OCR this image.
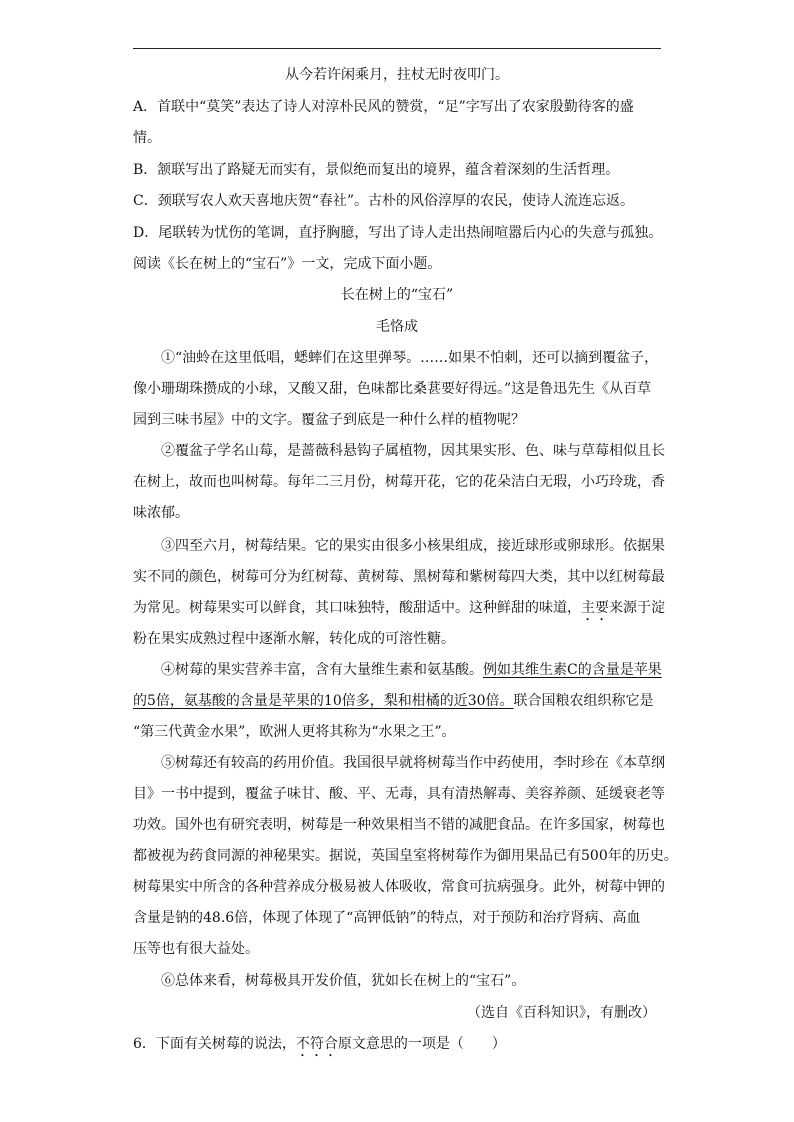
从今若许闲乘月，拄杖无时夜叩门。
A．首联中“莫笑”表达了诗人对淳朴民风的赞赏，“足”字写出了农家殷勤待客的盛
情。
B．颔联写出了路疑无而实有，景似绝而复出的境界，蕴含着深刻的生活哲理。
C．颈联写农人欢天喜地庆贺“春社”。古朴的风俗淳厚的农民，使诗人流连忘返。
D．尾联转为忧伤的笔调，直抒胸臆，写出了诗人走出热闹喧嚣后内心的失意与孤独。
阅读《长在树上的“宝石”》一文，完成下面小题。
长在树上的“宝石”
毛恪成
①“油蛉在这里低唱，蟋蟀们在这里弹琴。……如果不怕刺，还可以摘到覆盆子，
像小珊瑚珠攒成的小球，又酸又甜，色味都比桑葚要好得远。”这是鲁迅先生《从百草
园到三味书屋》中的文字。覆盆子到底是一种什么样的植物呢？
②覆盆子学名山莓，是蔷薇科悬钩子属植物，因其果实形、色、味与草莓相似且长
在树上，故而也叫树莓。每年二三月份，树莓开花，它的花朵洁白无瑕，小巧玲珑，香
味浓郁。
③四至六月，树莓结果。它的果实由很多小核果组成，接近球形或卵球形。依据果
实不同的颜色，树莓可分为红树莓、黄树莓、黑树莓和紫树莓四大类，其中以红树莓最
为常见。树莓果实可以鲜食，其口味独特，酸甜适中。这种鲜甜的味道，主要来源于淀
粉在果实成熟过程中逐渐水解，转化成的可溶性糖。
④树莓的果实营养丰富，含有大量维生素和氨基酸。例如其维生素C的含量是苹果
的5倍，氨基酸的含量是苹果的10倍多，梨和柑橘的近30倍。联合国粮农组织称它是
“第三代黄金水果”，欧洲人更将其称为“水果之王”。
⑤树莓还有较高的药用价值。我国很早就将树莓当作中药使用，李时珍在《本草纲
目》一书中提到，覆盆子味甘、酸、平、无毒，具有清热解毒、美容养颜、延缓衰老等
功效。国外也有研究表明，树莓是一种效果相当不错的减肥食品。在许多国家，树莓也
都被视为药食同源的神秘果实。据说，英国皇室将树莓作为御用果品已有500年的历史。
树莓果实中所含的各种营养成分极易被人体吸收，常食可抗病强身。此外，树莓中钾的
含量是钠的48.6倍，体现了体现了“高钾低钠”的特点，对于预防和治疗肾病、高血
压等也有很大益处。
⑥总体来看，树莓极具开发价值，犹如长在树上的“宝石”。
（选自《百科知识》，有删改）
6．下面有关树莓的说法，不符合原文意思的一项是（　　）
